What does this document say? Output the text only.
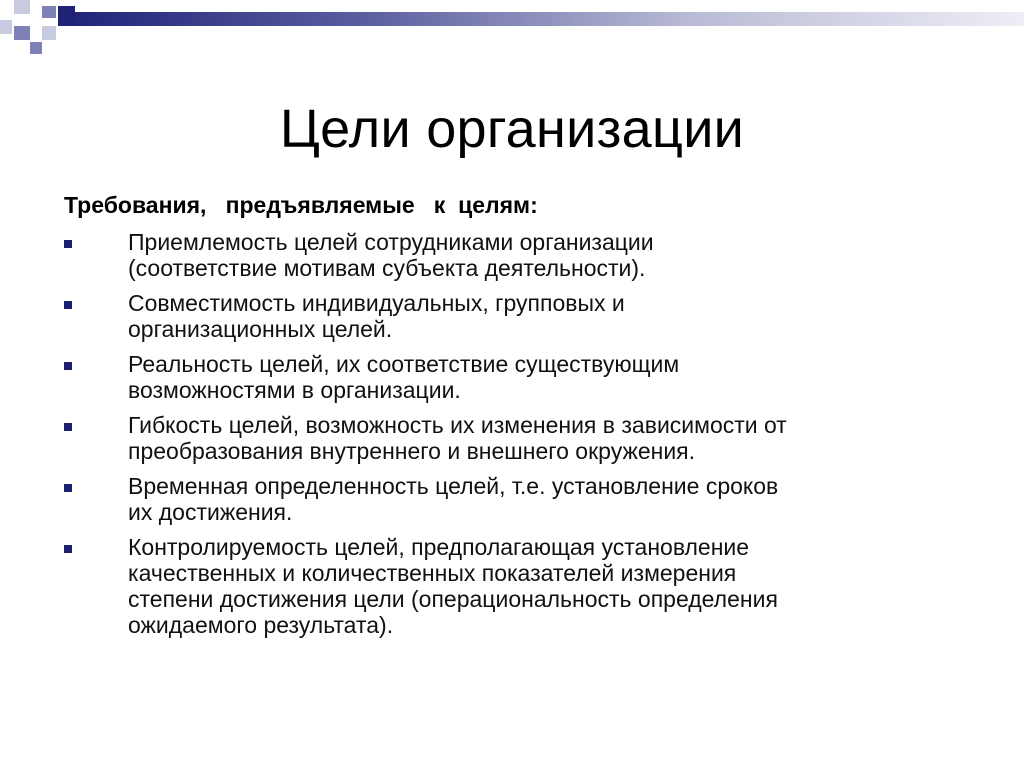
Цели организации
Требования,   предъявляемые   к  целям:
Приемлемость целей сотрудниками организации
(соответствие мотивам субъекта деятельности).
Совместимость индивидуальных, групповых и
организационных целей.
Реальность целей, их соответствие существующим
возможностями в организации.
Гибкость целей, возможность их изменения в зависимости от
преобразования внутреннего и внешнего окружения.
Временная определенность целей, т.е. установление сроков
их достижения.
Контролируемость целей, предполагающая установление
качественных и количественных показателей измерения
степени достижения цели (операциональность определения
ожидаемого результата).
